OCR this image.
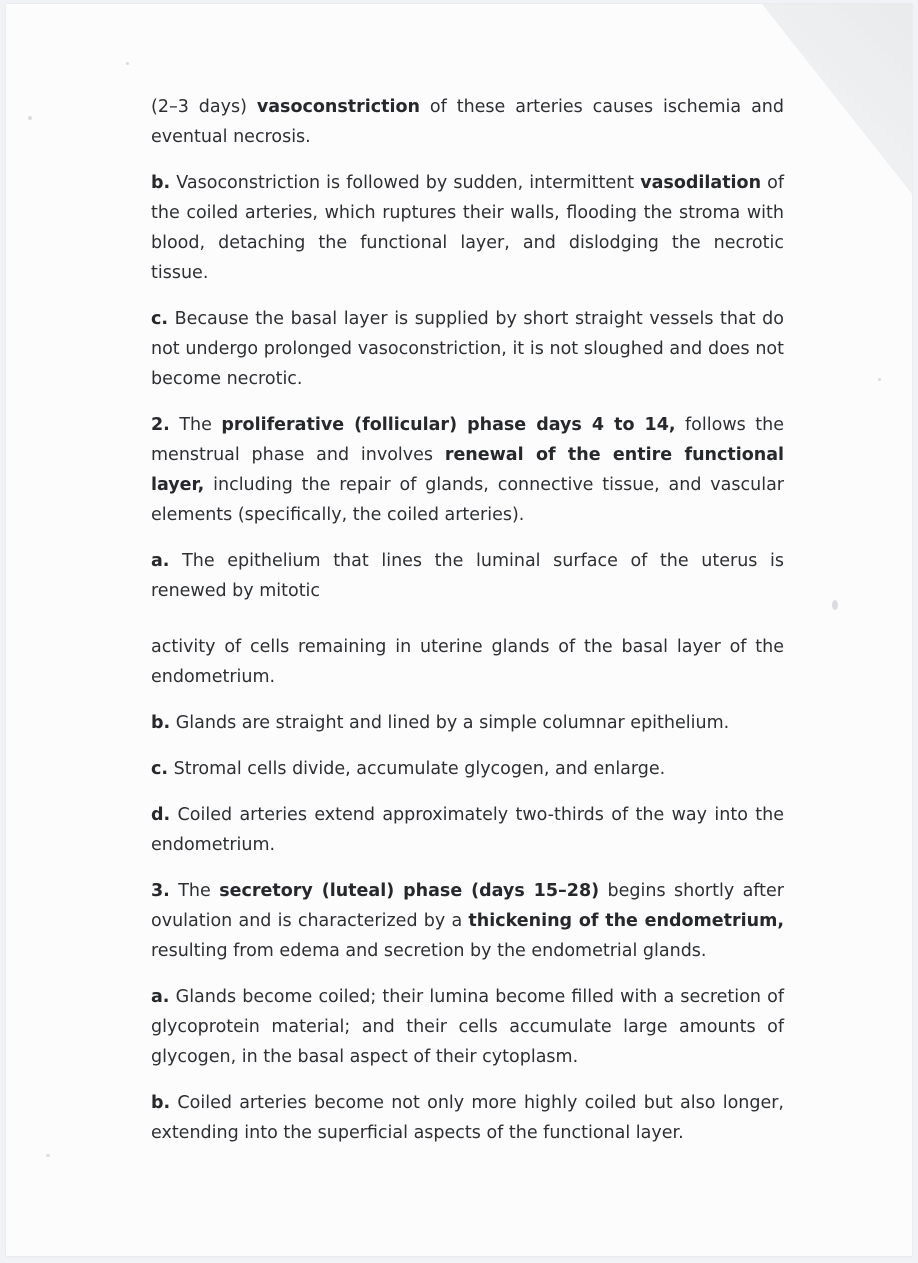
(2–3 days) vasoconstriction of these arteries causes ischemia and eventual necrosis.

b. Vasoconstriction is followed by sudden, intermittent vasodilation of the coiled arteries, which ruptures their walls, flooding the stroma with blood, detaching the functional layer, and dislodging the necrotic tissue.

c. Because the basal layer is supplied by short straight vessels that do not undergo prolonged vasoconstriction, it is not sloughed and does not become necrotic.

2. The proliferative (follicular) phase days 4 to 14, follows the menstrual phase and involves renewal of the entire functional layer, including the repair of glands, connective tissue, and vascular elements (specifically, the coiled arteries).

a. The epithelium that lines the luminal surface of the uterus is renewed by mitotic

activity of cells remaining in uterine glands of the basal layer of the endometrium.

b. Glands are straight and lined by a simple columnar epithelium.

c. Stromal cells divide, accumulate glycogen, and enlarge.

d. Coiled arteries extend approximately two-thirds of the way into the endometrium.

3. The secretory (luteal) phase (days 15–28) begins shortly after ovulation and is characterized by a thickening of the endometrium, resulting from edema and secretion by the endometrial glands.

a. Glands become coiled; their lumina become filled with a secretion of glycoprotein material; and their cells accumulate large amounts of glycogen, in the basal aspect of their cytoplasm.

b. Coiled arteries become not only more highly coiled but also longer, extending into the superficial aspects of the functional layer.
